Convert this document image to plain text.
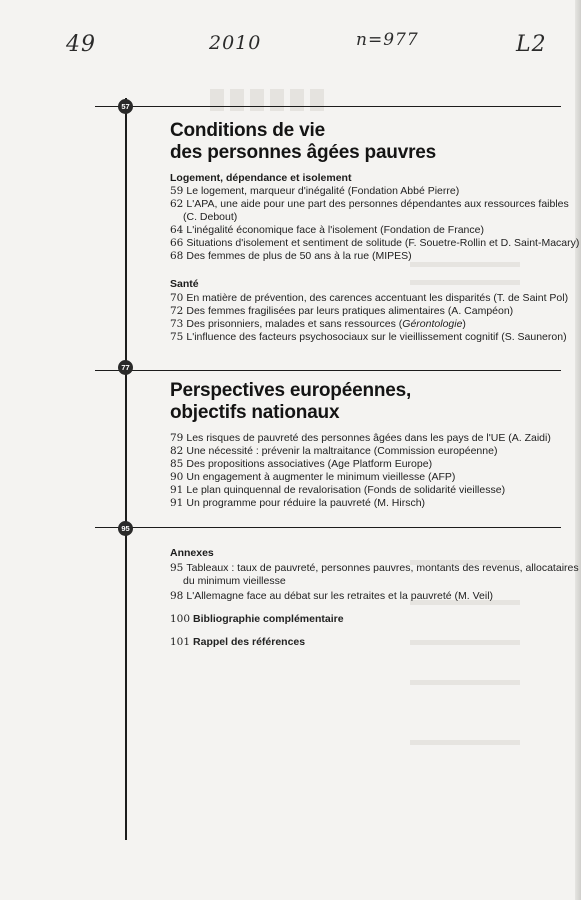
49	2010	n=977	L2
57
Conditions de vie
des personnes âgées pauvres
Logement, dépendance et isolement
59 Le logement, marqueur d'inégalité (Fondation Abbé Pierre)
62 L'APA, une aide pour une part des personnes dépendantes aux ressources faibles
(C. Debout)
64 L'inégalité économique face à l'isolement (Fondation de France)
66 Situations d'isolement et sentiment de solitude (F. Souetre-Rollin et D. Saint-Macary)
68 Des femmes de plus de 50 ans à la rue (MIPES)
Santé
70 En matière de prévention, des carences accentuant les disparités (T. de Saint Pol)
72 Des femmes fragilisées par leurs pratiques alimentaires (A. Campéon)
73 Des prisonniers, malades et sans ressources (Gérontologie)
75 L'influence des facteurs psychosociaux sur le vieillissement cognitif (S. Sauneron)
77
Perspectives européennes,
objectifs nationaux
79 Les risques de pauvreté des personnes âgées dans les pays de l'UE (A. Zaidi)
82 Une nécessité : prévenir la maltraitance (Commission européenne)
85 Des propositions associatives (Age Platform Europe)
90 Un engagement à augmenter le minimum vieillesse (AFP)
91 Le plan quinquennal de revalorisation (Fonds de solidarité vieillesse)
91 Un programme pour réduire la pauvreté (M. Hirsch)
95
Annexes
95 Tableaux : taux de pauvreté, personnes pauvres, montants des revenus, allocataires
du minimum vieillesse
98 L'Allemagne face au débat sur les retraites et la pauvreté (M. Veil)
100 Bibliographie complémentaire
101 Rappel des références
